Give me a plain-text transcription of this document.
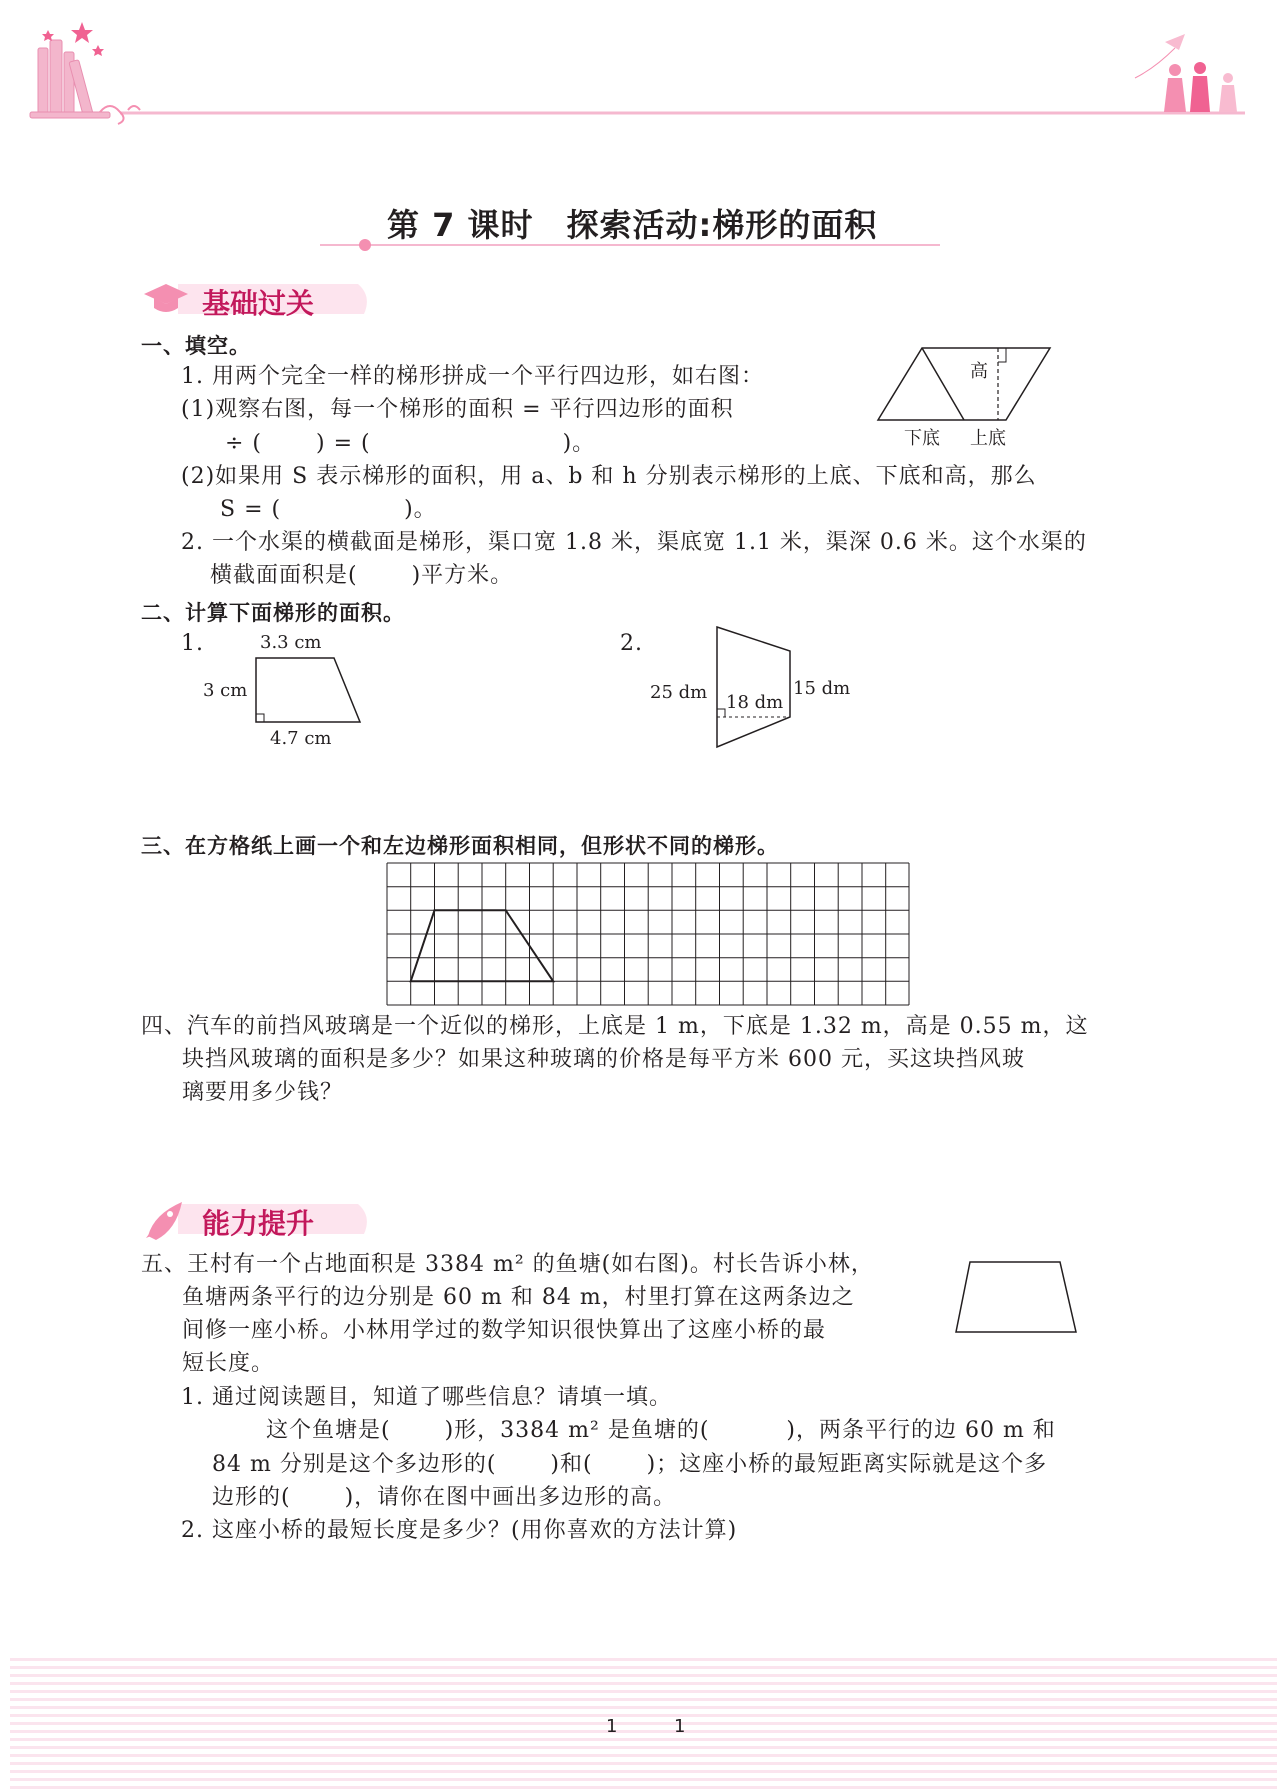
第 7 课时　探索活动:梯形的面积
基础过关
一、填空。
1. 用两个完全一样的梯形拼成一个平行四边形，如右图：
(1)观察右图，每一个梯形的面积 = 平行四边形的面积
÷ (　　 ) = (　　　　　　　　 )。
(2)如果用 S 表示梯形的面积，用 a、b 和 h 分别表示梯形的上底、下底和高，那么
S = (　　　　　 )。
2. 一个水渠的横截面是梯形，渠口宽 1.8 米，渠底宽 1.1 米，渠深 0.6 米。这个水渠的
横截面面积是(　　 )平方米。
高
下底 上底
二、计算下面梯形的面积。
1.	3.3 cm
3 cm
4.7 cm
2.
25 dm 18 dm
15 dm
三、在方格纸上画一个和左边梯形面积相同，但形状不同的梯形。
四、汽车的前挡风玻璃是一个近似的梯形，上底是 1 m，下底是 1.32 m，高是 0.55 m，这
块挡风玻璃的面积是多少？如果这种玻璃的价格是每平方米 600 元，买这块挡风玻
璃要用多少钱？
能力提升
五、王村有一个占地面积是 3384 m² 的鱼塘(如右图)。村长告诉小林，
鱼塘两条平行的边分别是 60 m 和 84 m，村里打算在这两条边之
间修一座小桥。小林用学过的数学知识很快算出了这座小桥的最
短长度。
1. 通过阅读题目，知道了哪些信息？请填一填。
这个鱼塘是(　　 )形，3384 m² 是鱼塘的(　　　 )，两条平行的边 60 m 和
84 m 分别是这个多边形的(　　 )和(　　 )；这座小桥的最短距离实际就是这个多
边形的(　　 )，请你在图中画出多边形的高。
2. 这座小桥的最短长度是多少？(用你喜欢的方法计算)
1	1
